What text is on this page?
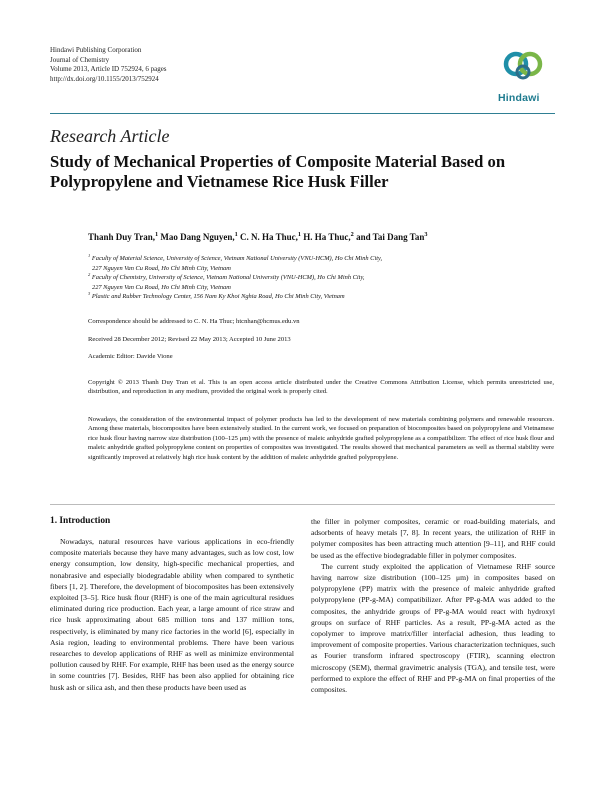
Hindawi Publishing Corporation
Journal of Chemistry
Volume 2013, Article ID 752924, 6 pages
http://dx.doi.org/10.1155/2013/752924
Hindawi
Research Article
Study of Mechanical Properties of Composite Material Based on Polypropylene and Vietnamese Rice Husk Filler
Thanh Duy Tran,$^1$ Mao Dang Nguyen,$^1$ C. N. Ha Thuc,$^1$ H. Ha Thuc,$^2$ and Tai Dang Tan$^3$

$^1$ Faculty of Material Science, University of Science, Vietnam National University (VNU-HCM), Ho Chi Minh City,
227 Nguyen Van Cu Road, Ho Chi Minh City, Vietnam

$^2$ Faculty of Chemistry, University of Science, Vietnam National University (VNU-HCM), Ho Chi Minh City,
227 Nguyen Van Cu Road, Ho Chi Minh City, Vietnam

$^3$ Plastic and Rubber Technology Center, 156 Nam Ky Khoi Nghia Road, Ho Chi Minh City, Vietnam

Correspondence should be addressed to C. N. Ha Thuc; htcnhan@hcmus.edu.vn
Received 28 December 2012; Revised 22 May 2013; Accepted 10 June 2013
Academic Editor: Davide Vione
Copyright © 2013 Thanh Duy Tran et al. This is an open access article distributed under the Creative Commons Attribution License, which permits unrestricted use, distribution, and reproduction in any medium, provided the original work is properly cited.
Nowadays, the consideration of the environmental impact of polymer products has led to the development of new materials combining polymers and renewable resources. Among these materials, biocomposites have been extensively studied. In the current work, we focused on preparation of biocomposites based on polypropylene and Vietnamese rice husk flour having narrow size distribution (100–125 μm) with the presence of maleic anhydride grafted polypropylene as a compatibilizer. The effect of rice husk flour and maleic anhydride grafted polypropylene content on properties of composites was investigated. The results showed that mechanical parameters as well as thermal stability were significantly improved at relatively high rice husk content by the addition of maleic anhydride grafted polypropylene.
1. Introduction

Nowadays, natural resources have various applications in eco-friendly composite materials because they have many advantages, such as low cost, low energy consumption, low density, high-specific mechanical properties, and nonabrasive and especially biodegradable ability when compared to synthetic fibers [1, 2]. Therefore, the development of biocomposites has been extensively exploited [3–5]. Rice husk flour (RHF) is one of the main agricultural residues eliminated during rice production. Each year, a large amount of rice straw and rice husk approximating about 685 million tons and 137 million tons, respectively, is eliminated by many rice factories in the world [6], especially in Asia region, leading to environmental problems. There have been various researches to develop applications of RHF as well as minimize environmental pollution caused by RHF. For example, RHF has been used as the energy source in some countries [7]. Besides, RHF has been also applied for obtaining rice husk ash or silica ash, and then these products have been used as

the filler in polymer composites, ceramic or road-building materials, and adsorbents of heavy metals [7, 8]. In recent years, the utilization of RHF in polymer composites has been attracting much attention [9–11], and RHF could be used as the effective biodegradable filler in polymer composites.

The current study exploited the application of Vietnamese RHF source having narrow size distribution (100–125 μm) in composites based on polypropylene (PP) matrix with the presence of maleic anhydride grafted polypropylene (PP-g-MA) compatibilizer. After PP-g-MA was added to the composites, the anhydride groups of PP-g-MA would react with hydroxyl groups on surface of RHF particles. As a result, PP-g-MA acted as the copolymer to improve matrix/filler interfacial adhesion, thus leading to improvement of composite properties. Various characterization techniques, such as Fourier transform infrared spectroscopy (FTIR), scanning electron microscopy (SEM), thermal gravimetric analysis (TGA), and tensile test, were performed to explore the effect of RHF and PP-g-MA on final properties of the composites.
